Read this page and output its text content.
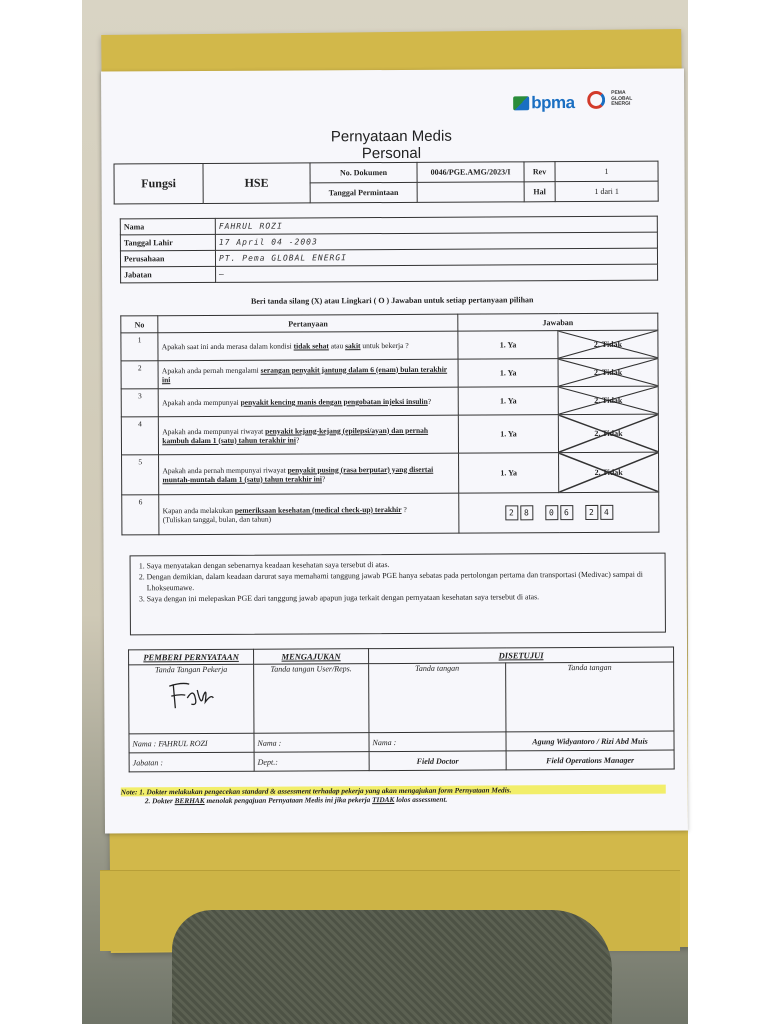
bpma
PEMA
GLOBAL
ENERGI
Pernyataan Medis
Personal
Fungsi	HSE	No. Dokumen	0046/PGE.AMG/2023/I	Rev	1
		Tanggal Permintaan		Hal	1 dari 1
Nama	FAHRUL ROZI
Tanggal Lahir	17 April 04 -2003
Perusahaan	PT. Pema GLOBAL ENERGI
Jabatan	—
Beri tanda silang (X) atau Lingkari ( O ) Jawaban untuk setiap pertanyaan pilihan
No	Pertanyaan	Jawaban	
1	Apakah saat ini anda merasa dalam kondisi tidak sehat atau sakit untuk bekerja ?	1. Ya	2. Tidak
2	Apakah anda pernah mengalami serangan penyakit jantung dalam 6 (enam) bulan terakhir ini	1. Ya	2. Tidak
3	Apakah anda mempunyai penyakit kencing manis dengan pengobatan injeksi insulin?	1. Ya	2. Tidak
4	Apakah anda mempunyai riwayat penyakit kejang-kejang (epilepsi/ayan) dan pernah kambuh dalam 1 (satu) tahun terakhir ini?	1. Ya	2. Tidak
5	Apakah anda pernah mempunyai riwayat penyakit pusing (rasa berputar) yang disertai muntah-muntah dalam 1 (satu) tahun terakhir ini?	1. Ya	2. Tidak
6	Kapan anda melakukan pemeriksaan kesehatan (medical check-up) terakhir ?
(Tuliskan tanggal, bulan, dan tahun)	2 8 0 6 2 4	
1. Saya menyatakan dengan sebenarnya keadaan kesehatan saya tersebut di atas.
2. Dengan demikian, dalam keadaan darurat saya memahami tanggung jawab PGE hanya sebatas pada pertolongan pertama dan transportasi (Medivac) sampai di Lhokseumawe.
3. Saya dengan ini melepaskan PGE dari tanggung jawab apapun juga terkait dengan pernyataan kesehatan saya tersebut di atas.
PEMBERI PERNYATAAN	MENGAJUKAN	DISETUJUI	

Tanda Tangan Pekerja	Tanda tangan User/Reps.	Tanda tangan	Tanda tangan
Nama : FAHRUL ROZI	Nama :	Nama :	Agung Widyantoro / Rizi Abd Muis
Jabatan :	Dept.:	Field Doctor	Field Operations Manager
Note: 1. Dokter melakukan pengecekan standard & assessment terhadap pekerja yang akan mengajukan form Pernyataan Medis.
2. Dokter BERHAK menolak pengajuan Pernyataan Medis ini jika pekerja TIDAK lolos assessment.
